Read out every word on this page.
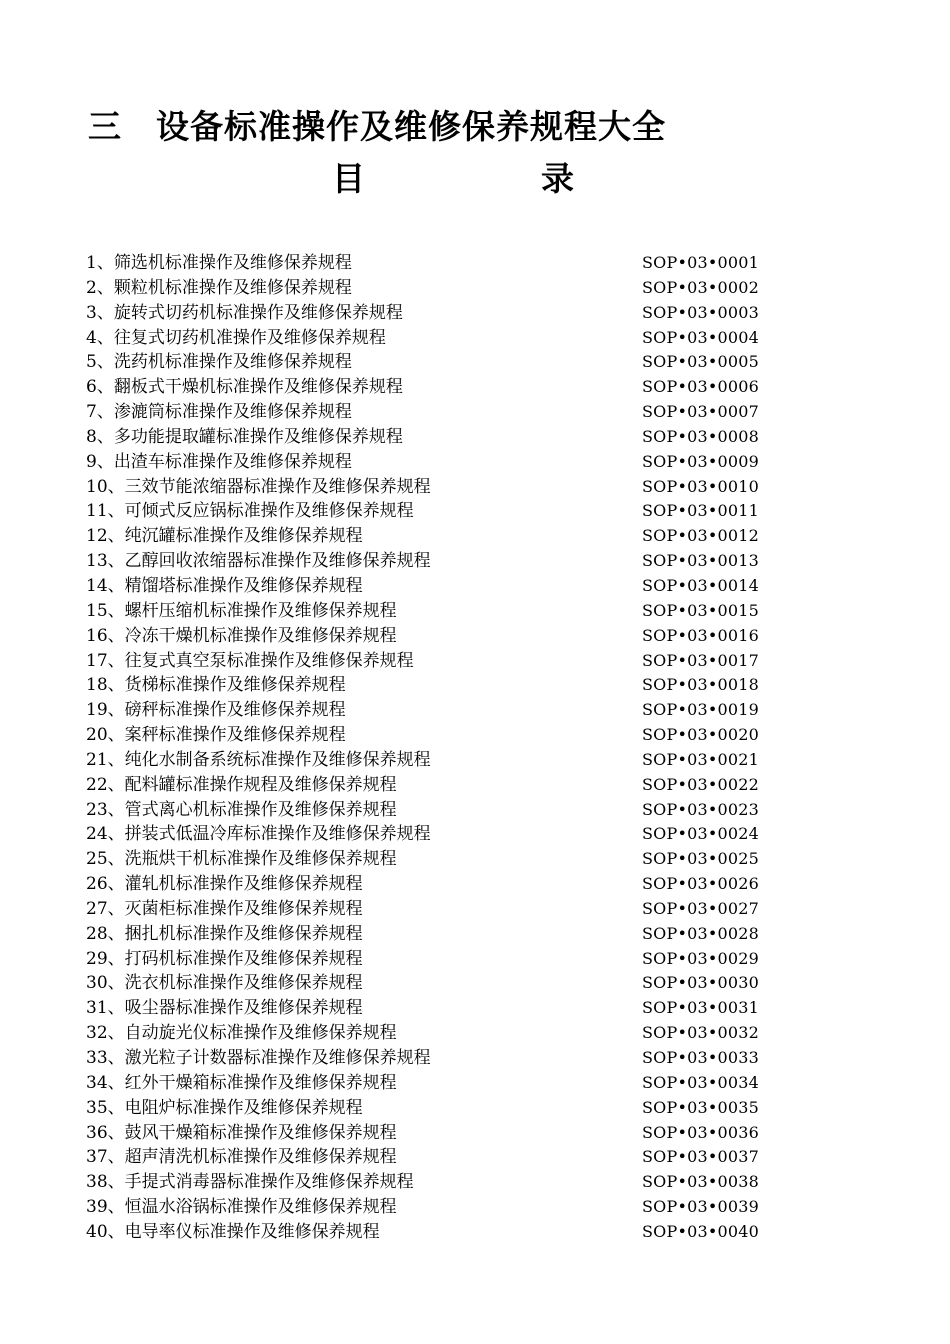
三 设备标准操作及维修保养规程大全
目	录
1、筛选机标准操作及维修保养规程	SOP•03•0001
2、颗粒机标准操作及维修保养规程	SOP•03•0002
3、旋转式切药机标准操作及维修保养规程	SOP•03•0003
4、往复式切药机准操作及维修保养规程	SOP•03•0004
5、洗药机标准操作及维修保养规程	SOP•03•0005
6、翻板式干燥机标准操作及维修保养规程	SOP•03•0006
7、渗漉筒标准操作及维修保养规程	SOP•03•0007
8、多功能提取罐标准操作及维修保养规程	SOP•03•0008
9、出渣车标准操作及维修保养规程	SOP•03•0009
10、三效节能浓缩器标准操作及维修保养规程	SOP•03•0010
11、可倾式反应锅标准操作及维修保养规程	SOP•03•0011
12、纯沉罐标准操作及维修保养规程	SOP•03•0012
13、乙醇回收浓缩器标准操作及维修保养规程	SOP•03•0013
14、精馏塔标准操作及维修保养规程	SOP•03•0014
15、螺杆压缩机标准操作及维修保养规程	SOP•03•0015
16、冷冻干燥机标准操作及维修保养规程	SOP•03•0016
17、往复式真空泵标准操作及维修保养规程	SOP•03•0017
18、货梯标准操作及维修保养规程	SOP•03•0018
19、磅秤标准操作及维修保养规程	SOP•03•0019
20、案秤标准操作及维修保养规程	SOP•03•0020
21、纯化水制备系统标准操作及维修保养规程	SOP•03•0021
22、配料罐标准操作规程及维修保养规程	SOP•03•0022
23、管式离心机标准操作及维修保养规程	SOP•03•0023
24、拼装式低温冷库标准操作及维修保养规程	SOP•03•0024
25、洗瓶烘干机标准操作及维修保养规程	SOP•03•0025
26、灌轧机标准操作及维修保养规程	SOP•03•0026
27、灭菌柜标准操作及维修保养规程	SOP•03•0027
28、捆扎机标准操作及维修保养规程	SOP•03•0028
29、打码机标准操作及维修保养规程	SOP•03•0029
30、洗衣机标准操作及维修保养规程	SOP•03•0030
31、吸尘器标准操作及维修保养规程	SOP•03•0031
32、自动旋光仪标准操作及维修保养规程	SOP•03•0032
33、激光粒子计数器标准操作及维修保养规程	SOP•03•0033
34、红外干燥箱标准操作及维修保养规程	SOP•03•0034
35、电阻炉标准操作及维修保养规程	SOP•03•0035
36、鼓风干燥箱标准操作及维修保养规程	SOP•03•0036
37、超声清洗机标准操作及维修保养规程	SOP•03•0037
38、手提式消毒器标准操作及维修保养规程	SOP•03•0038
39、恒温水浴锅标准操作及维修保养规程	SOP•03•0039
40、电导率仪标准操作及维修保养规程	SOP•03•0040
